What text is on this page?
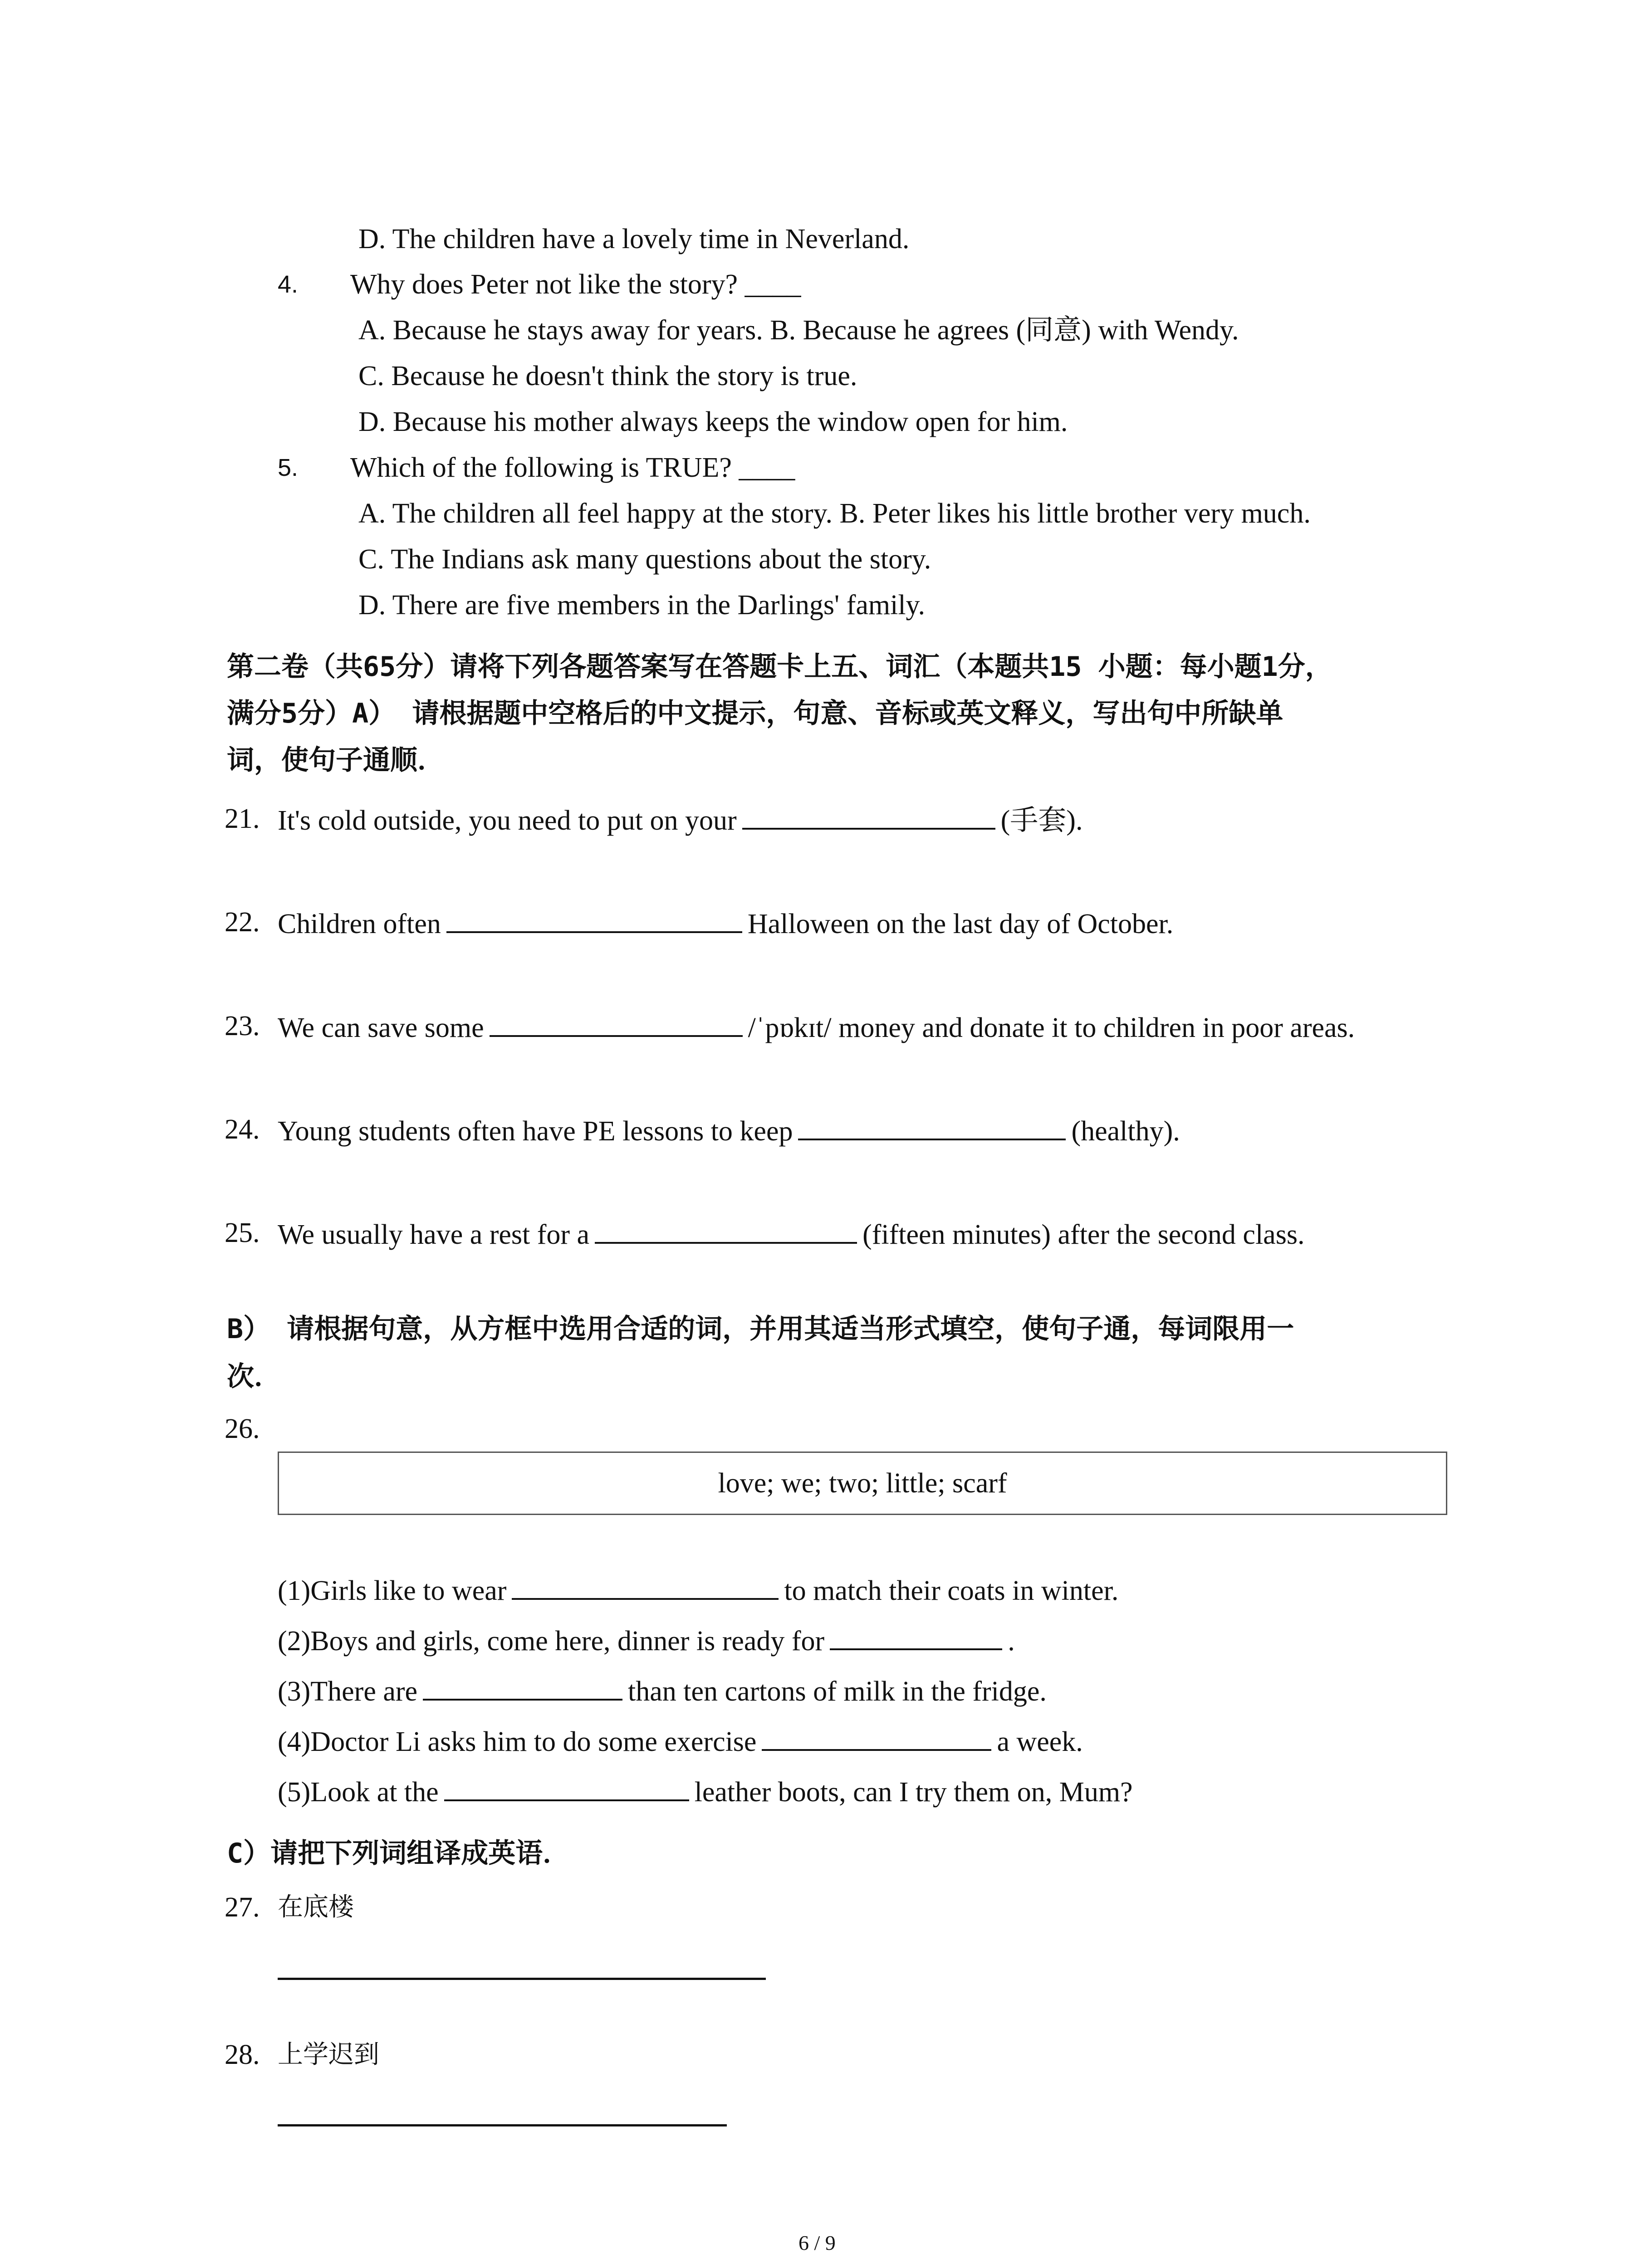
D. The children have a lovely time in Neverland.
4. Why does Peter not like the story? ____
A. Because he stays away for years. B. Because he agrees (同意) with Wendy.
C. Because he doesn't think the story is true.
D. Because his mother always keeps the window open for him.
5. Which of the following is TRUE? ____
A. The children all feel happy at the story. B. Peter likes his little brother very much.
C. The Indians ask many questions about the story.
D. There are five members in the Darlings' family.
第二卷（共65分）请将下列各题答案写在答题卡上五、词汇（本题共15 小题：每小题1分，
满分5分）A） 请根据题中空格后的中文提示，句意、音标或英文释义，写出句中所缺单
词，使句子通顺．
21. It's cold outside, you need to put on your	(手套).
22. Children often	Halloween on the last day of October.
23. We can save some	/ˈpɒkɪt/ money and donate it to children in poor areas.
24. Young students often have PE lessons to keep	(healthy).
25. We usually have a rest for a	(fifteen minutes) after the second class.
B） 请根据句意，从方框中选用合适的词，并用其适当形式填空，使句子通，每词限用一
次．
26.
love; we; two; little; scarf
(1)Girls like to wear	to match their coats in winter.
(2)Boys and girls, come here, dinner is ready for	.
(3)There are	than ten cartons of milk in the fridge.
(4)Doctor Li asks him to do some exercise	a week.
(5)Look at the	leather boots, can I try them on, Mum?
C）请把下列词组译成英语．
27. 在底楼
28. 上学迟到
6 / 9
